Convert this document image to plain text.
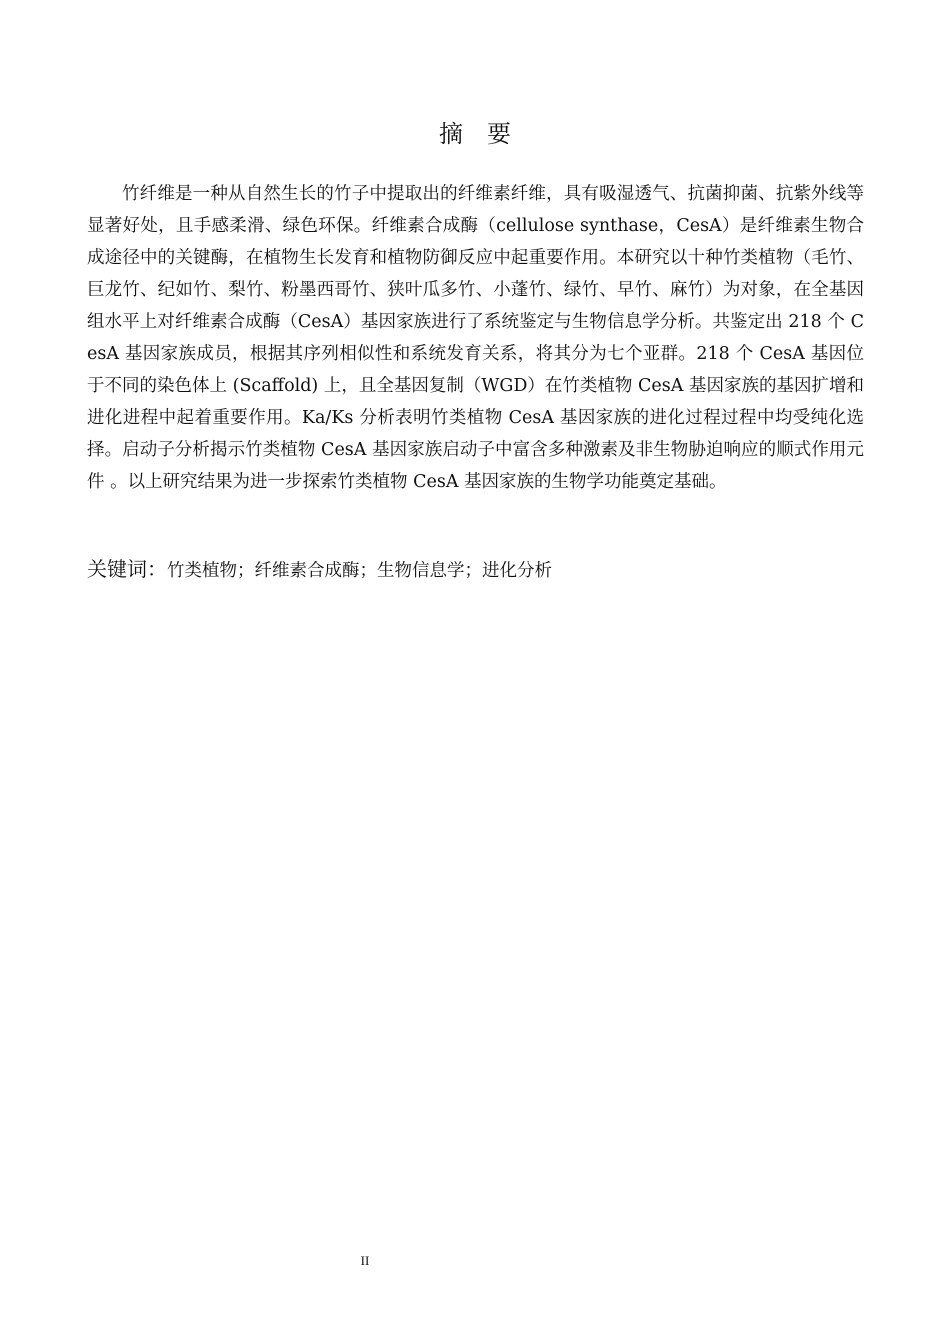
摘　要

竹纤维是一种从自然生长的竹子中提取出的纤维素纤维，具有吸湿透气、抗菌抑菌、抗紫外线等显著好处，且手感柔滑、绿色环保。纤维素合成酶（cellulose synthase，CesA）是纤维素生物合成途径中的关键酶，在植物生长发育和植物防御反应中起重要作用。本研究以十种竹类植物（毛竹、巨龙竹、纪如竹、梨竹、粉墨西哥竹、狭叶瓜多竹、小蓬竹、绿竹、早竹、麻竹）为对象，在全基因组水平上对纤维素合成酶（CesA）基因家族进行了系统鉴定与生物信息学分析。共鉴定出 218 个 CesA 基因家族成员，根据其序列相似性和系统发育关系，将其分为七个亚群。218 个 CesA 基因位于不同的染色体上 (Scaffold) 上，且全基因复制（WGD）在竹类植物 CesA 基因家族的基因扩增和进化进程中起着重要作用。Ka/Ks 分析表明竹类植物 CesA 基因家族的进化过程过程中均受纯化选择。启动子分析揭示竹类植物 CesA 基因家族启动子中富含多种激素及非生物胁迫响应的顺式作用元件 。以上研究结果为进一步探索竹类植物 CesA 基因家族的生物学功能奠定基础。

关键词：竹类植物；纤维素合成酶；生物信息学；进化分析
II
